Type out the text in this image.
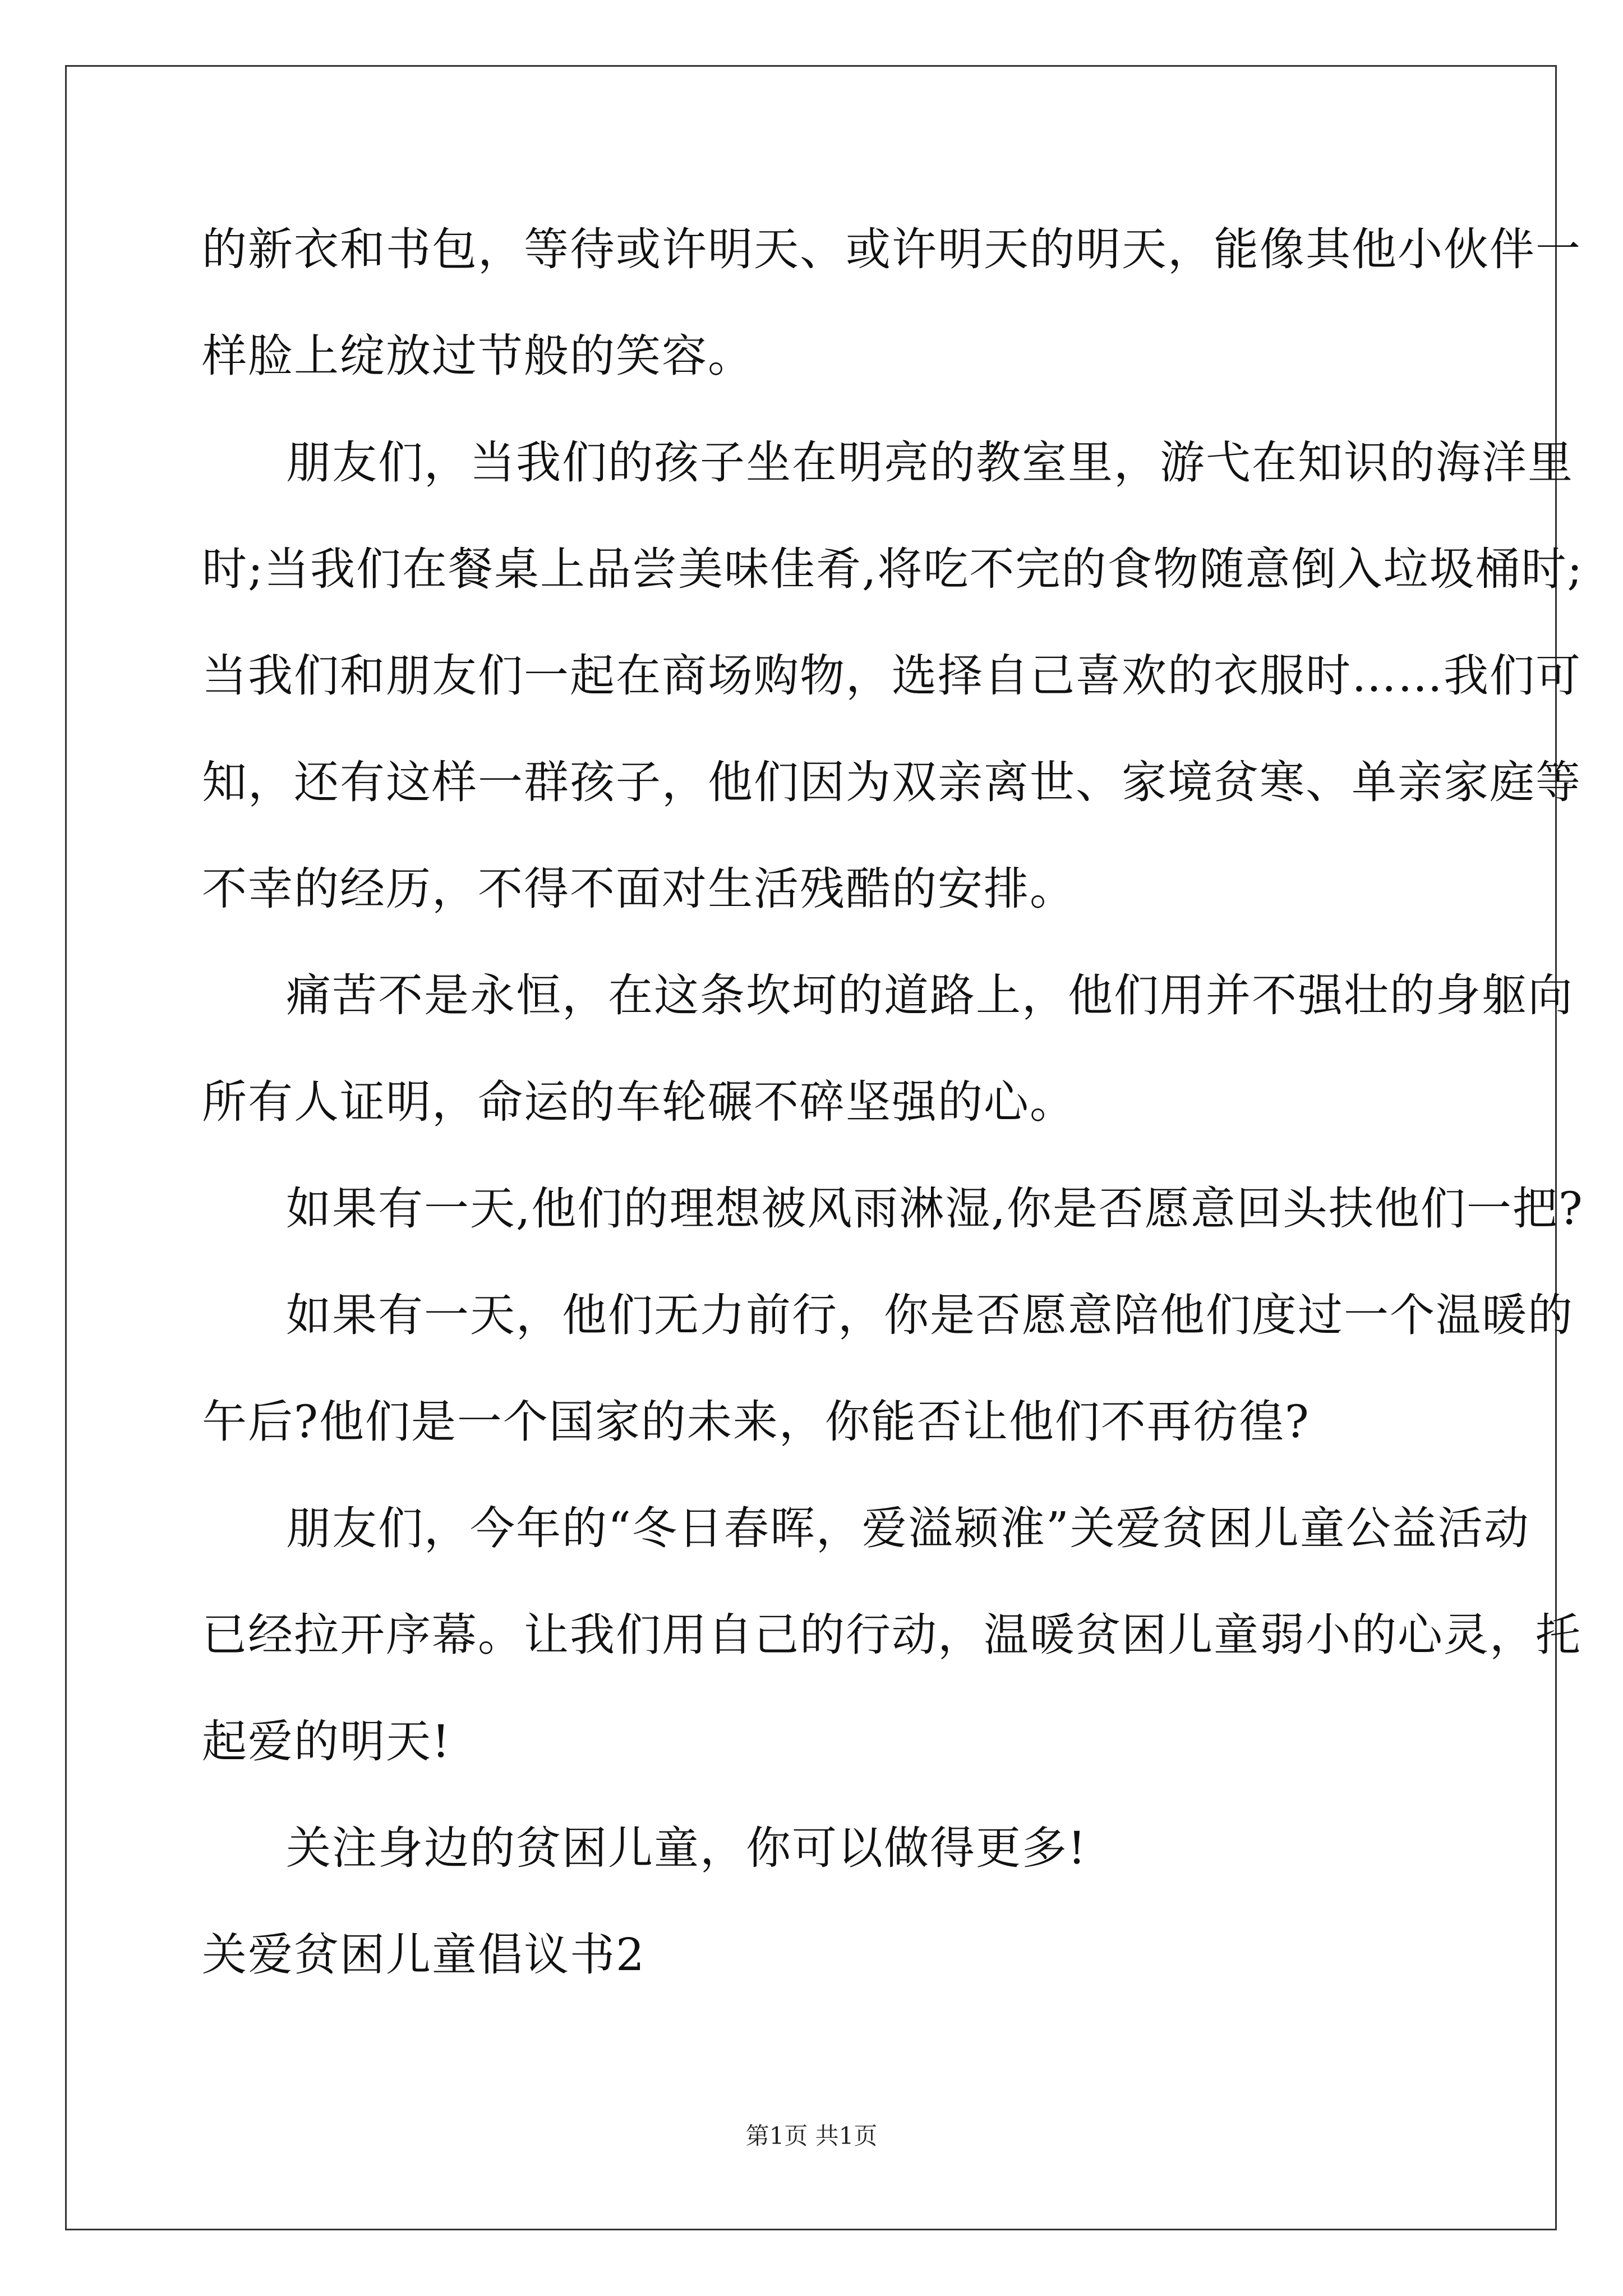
的新衣和书包，等待或许明天、或许明天的明天，能像其他小伙伴一
样脸上绽放过节般的笑容。
朋友们，当我们的孩子坐在明亮的教室里，游弋在知识的海洋里
时;当我们在餐桌上品尝美味佳肴,将吃不完的食物随意倒入垃圾桶时;
当我们和朋友们一起在商场购物，选择自己喜欢的衣服时……我们可
知，还有这样一群孩子，他们因为双亲离世、家境贫寒、单亲家庭等
不幸的经历，不得不面对生活残酷的安排。
痛苦不是永恒，在这条坎坷的道路上，他们用并不强壮的身躯向
所有人证明，命运的车轮碾不碎坚强的心。
如果有一天,他们的理想被风雨淋湿,你是否愿意回头扶他们一把?
如果有一天，他们无力前行，你是否愿意陪他们度过一个温暖的
午后?他们是一个国家的未来，你能否让他们不再彷徨?
朋友们，今年的“冬日春晖，爱溢颍淮”关爱贫困儿童公益活动
已经拉开序幕。让我们用自己的行动，温暖贫困儿童弱小的心灵，托
起爱的明天!
关注身边的贫困儿童，你可以做得更多!
关爱贫困儿童倡议书2
第1页 共1页
